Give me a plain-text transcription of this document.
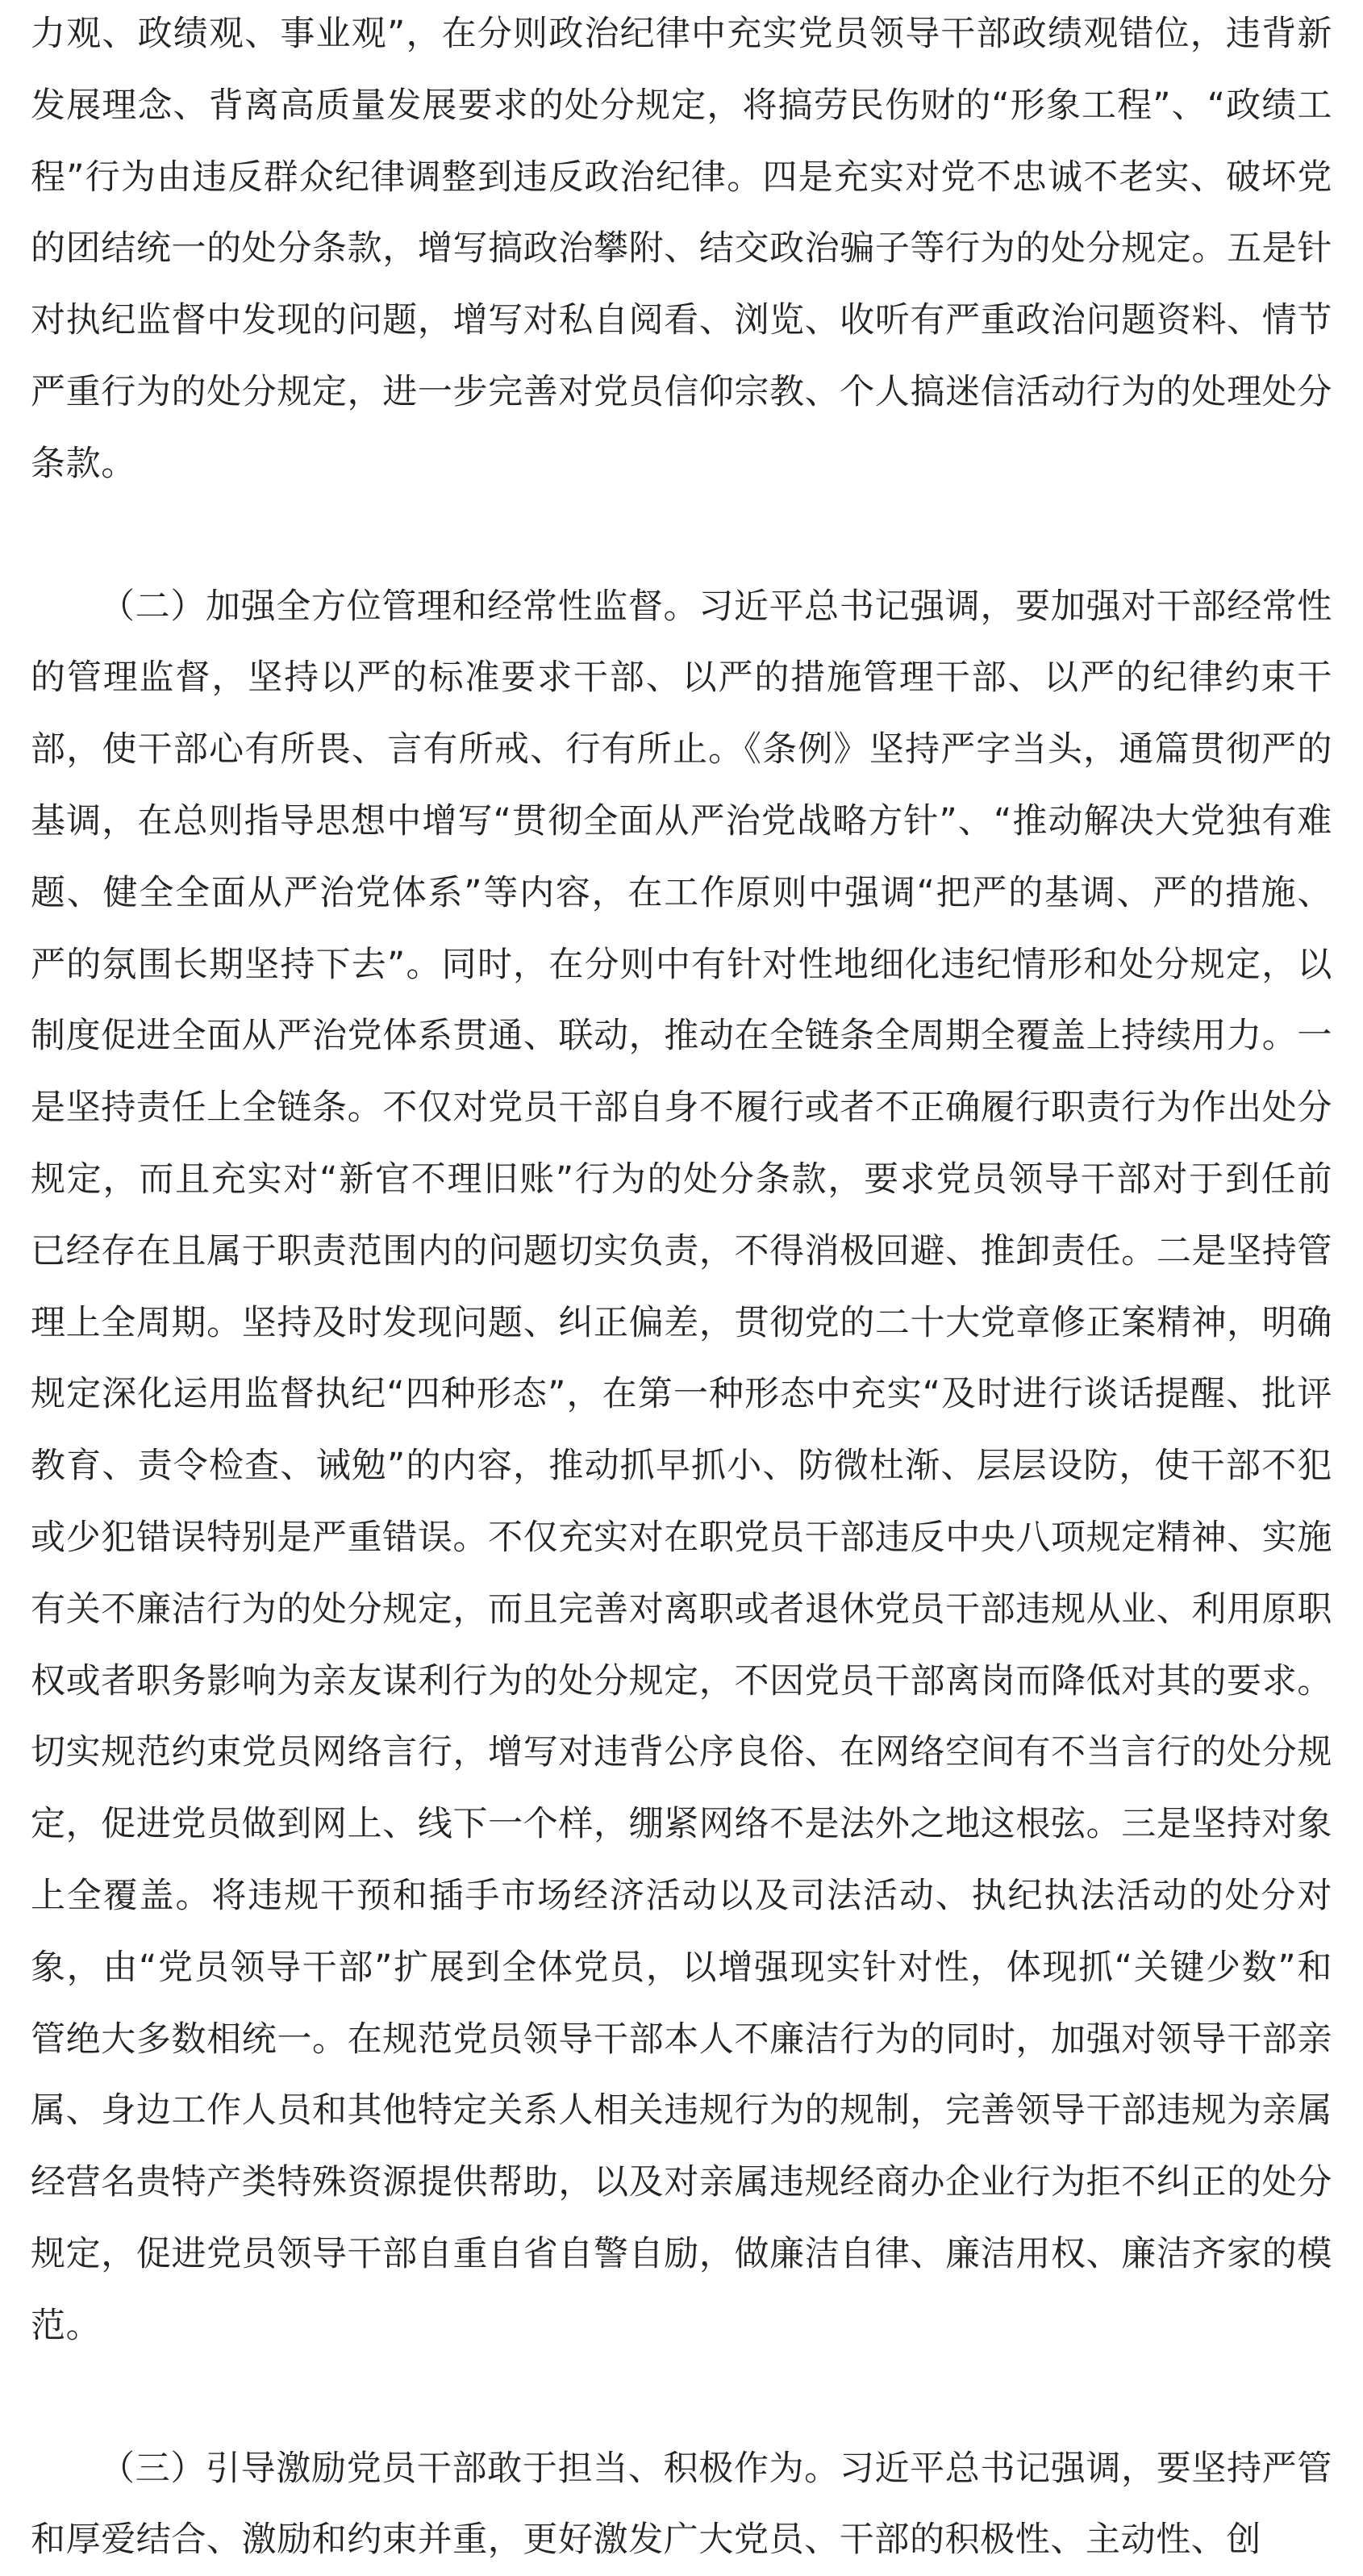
力观、政绩观、事业观”，在分则政治纪律中充实党员领导干部政绩观错位，违背新发展理念、背离高质量发展要求的处分规定，将搞劳民伤财的“形象工程”、“政绩工程”行为由违反群众纪律调整到违反政治纪律。四是充实对党不忠诚不老实、破坏党的团结统一的处分条款，增写搞政治攀附、结交政治骗子等行为的处分规定。五是针对执纪监督中发现的问题，增写对私自阅看、浏览、收听有严重政治问题资料、情节严重行为的处分规定，进一步完善对党员信仰宗教、个人搞迷信活动行为的处理处分条款。

（二）加强全方位管理和经常性监督。习近平总书记强调，要加强对干部经常性的管理监督，坚持以严的标准要求干部、以严的措施管理干部、以严的纪律约束干部，使干部心有所畏、言有所戒、行有所止。《条例》坚持严字当头，通篇贯彻严的基调，在总则指导思想中增写“贯彻全面从严治党战略方针”、“推动解决大党独有难题、健全全面从严治党体系”等内容，在工作原则中强调“把严的基调、严的措施、严的氛围长期坚持下去”。同时，在分则中有针对性地细化违纪情形和处分规定，以制度促进全面从严治党体系贯通、联动，推动在全链条全周期全覆盖上持续用力。一是坚持责任上全链条。不仅对党员干部自身不履行或者不正确履行职责行为作出处分规定，而且充实对“新官不理旧账”行为的处分条款，要求党员领导干部对于到任前已经存在且属于职责范围内的问题切实负责，不得消极回避、推卸责任。二是坚持管理上全周期。坚持及时发现问题、纠正偏差，贯彻党的二十大党章修正案精神，明确规定深化运用监督执纪“四种形态”，在第一种形态中充实“及时进行谈话提醒、批评教育、责令检查、诫勉”的内容，推动抓早抓小、防微杜渐、层层设防，使干部不犯或少犯错误特别是严重错误。不仅充实对在职党员干部违反中央八项规定精神、实施有关不廉洁行为的处分规定，而且完善对离职或者退休党员干部违规从业、利用原职权或者职务影响为亲友谋利行为的处分规定，不因党员干部离岗而降低对其的要求。切实规范约束党员网络言行，增写对违背公序良俗、在网络空间有不当言行的处分规定，促进党员做到网上、线下一个样，绷紧网络不是法外之地这根弦。三是坚持对象上全覆盖。将违规干预和插手市场经济活动以及司法活动、执纪执法活动的处分对象，由“党员领导干部”扩展到全体党员，以增强现实针对性，体现抓“关键少数”和管绝大多数相统一。在规范党员领导干部本人不廉洁行为的同时，加强对领导干部亲属、身边工作人员和其他特定关系人相关违规行为的规制，完善领导干部违规为亲属经营名贵特产类特殊资源提供帮助，以及对亲属违规经商办企业行为拒不纠正的处分规定，促进党员领导干部自重自省自警自励，做廉洁自律、廉洁用权、廉洁齐家的模范。

（三）引导激励党员干部敢于担当、积极作为。习近平总书记强调，要坚持严管和厚爱结合、激励和约束并重，更好激发广大党员、干部的积极性、主动性、创
